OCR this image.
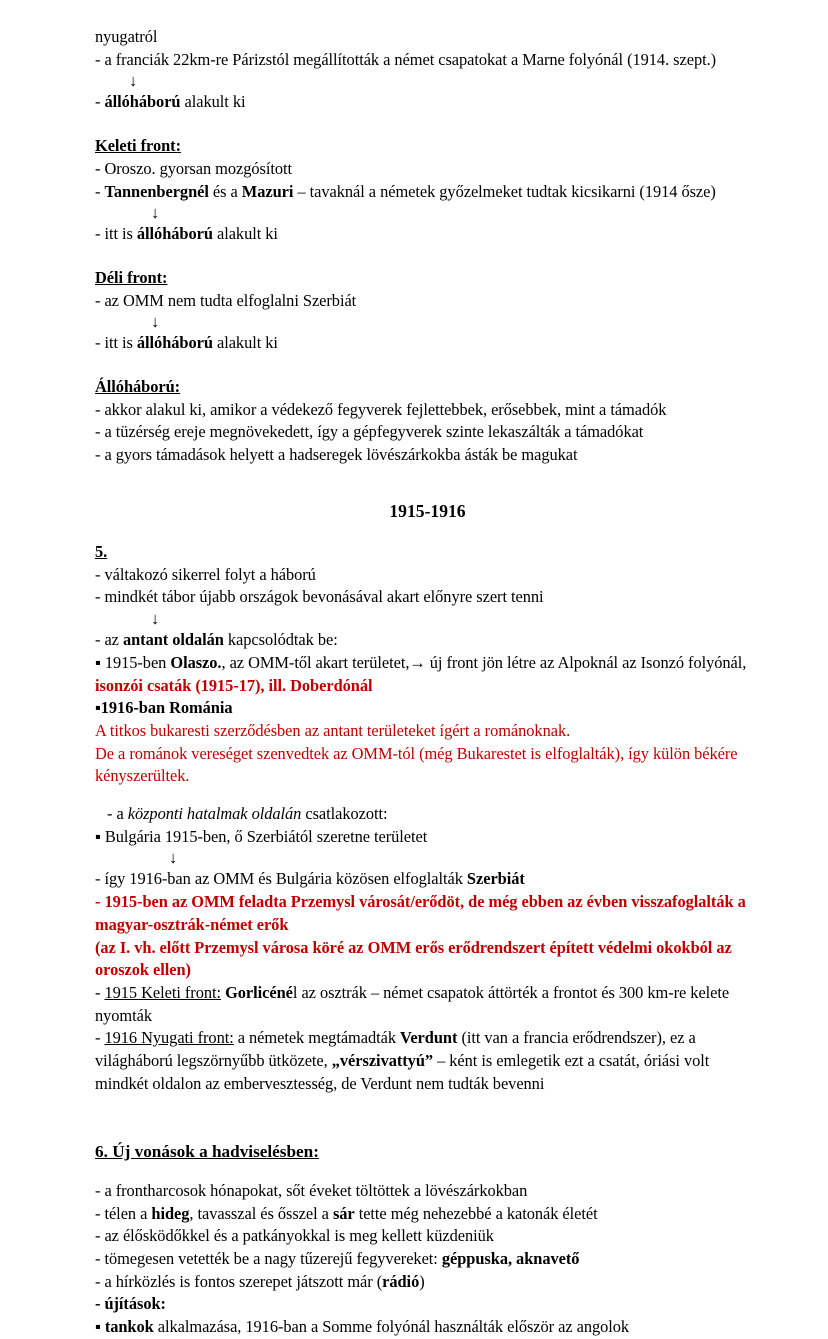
nyugatról

- a franciák 22km-re Párizstól megállították a német csapatokat a Marne folyónál (1914. szept.)

↓

- állóháború alakult ki

Keleti front:

- Oroszo. gyorsan mozgósított

- Tannenbergnél és a Mazuri – tavaknál a németek győzelmeket tudtak kicsikarni (1914 ősze)

↓

- itt is állóháború alakult ki

Déli front:

- az OMM nem tudta elfoglalni Szerbiát

↓

- itt is állóháború alakult ki

Állóháború:

- akkor alakul ki, amikor a védekező fegyverek fejlettebbek, erősebbek, mint a támadók

- a tüzérség ereje megnövekedett, így a gépfegyverek szinte lekaszálták a támadókat

- a gyors támadások helyett a hadseregek lövészárkokba ásták be magukat

1915-1916

5.

- váltakozó sikerrel folyt a háború

- mindkét tábor újabb országok bevonásával akart előnyre szert tenni

↓

- az antant oldalán kapcsolódtak be:

▪ 1915-ben Olaszo., az OMM-től akart területet,→ új front jön létre az Alpoknál az Isonzó folyónál, isonzói csaták (1915-17), ill. Doberdónál

▪1916-ban Románia

A titkos bukaresti szerződésben az antant területeket ígért a románoknak.

De a románok vereséget szenvedtek az OMM-tól (még Bukarestet is elfoglalták), így külön békére kényszerültek.

- a központi hatalmak oldalán csatlakozott:

▪ Bulgária 1915-ben, ő Szerbiától szeretne területet

↓

- így 1916-ban az OMM és Bulgária közösen elfoglalták Szerbiát

- 1915-ben az OMM feladta Przemysl városát/erődöt, de még ebben az évben visszafoglalták a magyar-osztrák-német erők

(az I. vh. előtt Przemysl városa köré az OMM erős erődrendszert épített védelmi okokból az oroszok ellen)

- 1915 Keleti front: Gorlicénél az osztrák – német csapatok áttörték a frontot és 300 km-re kelete nyomták

- 1916 Nyugati front: a németek megtámadták Verdunt (itt van a francia erődrendszer), ez a világháború legszörnyűbb ütközete, „vérszivattyú” – ként is emlegetik ezt a csatát, óriási volt mindkét oldalon az embervesztesség, de Verdunt nem tudták bevenni

6. Új vonások a hadviselésben:

- a frontharcosok hónapokat, sőt éveket töltöttek a lövészárkokban

- télen a hideg, tavasszal és ősszel a sár tette még nehezebbé a katonák életét

- az élősködőkkel és a patkányokkal is meg kellett küzdeniük

- tömegesen vetették be a nagy tűzerejű fegyvereket: géppuska, aknavető

- a hírközlés is fontos szerepet játszott már (rádió)

- újítások:

▪ tankok alkalmazása, 1916-ban a Somme folyónál használták először az angolok
